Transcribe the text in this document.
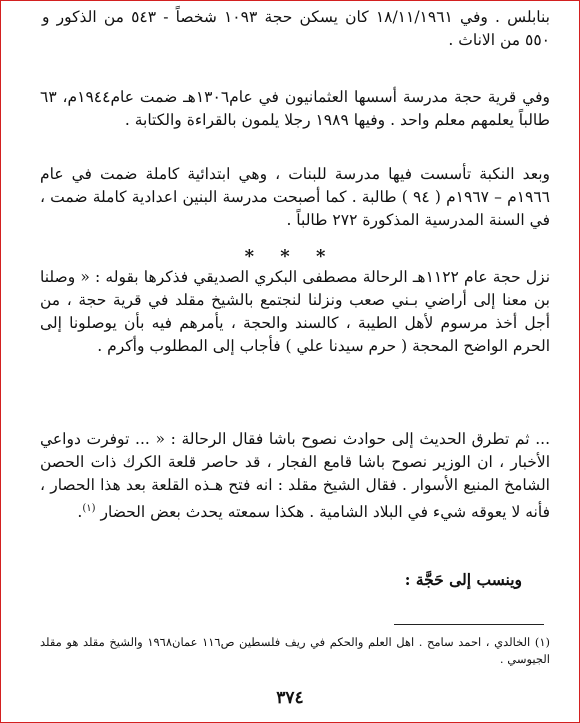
بنابلس . وفي ١٨/١١/١٩٦١ كان يسكن حجة ١٠٩٣ شخصاً - ٥٤٣ من الذكور و ٥٥٠ من الاناث .

وفي قرية حجة مدرسة أسسها العثمانيون في عام١٣٠٦هـ ضمت عام١٩٤٤م، ٦٣ طالباً يعلمهم معلم واحد . وفيها ١٩٨٩ رجلا يلمون بالقراءة والكتابة .

وبعد النكبة تأسست فيها مدرسة للبنات ، وهي ابتدائية كاملة ضمت في عام ١٩٦٦م – ١٩٦٧م ( ٩٤ ) طالبة . كما أصبحت مدرسة البنين اعدادية كاملة ضمت ، في السنة المدرسية المذكورة ٢٧٢ طالباً .

* * *

نزل حجة عام ١١٢٢هـ الرحالة مصطفى البكري الصديقي فذكرها بقوله : « وصلنا بن معنا إلى أراضي بـني صعب ونزلنا لنجتمع بالشيخ مقلد في قرية حجة ، من أجل أخذ مرسوم لأهل الطيبة ، كالسند والحجة ، يأمرهم فيه بأن يوصلونا إلى الحرم الواضح المحجة ( حرم سيدنا علي ) فأجاب إلى المطلوب وأكرم .

... ثم تطرق الحديث إلى حوادث نصوح باشا فقال الرحالة : « ... توفرت دواعي الأخبار ، ان الوزير نصوح باشا قامع الفجار ، قد حاصر قلعة الكرك ذات الحصن الشامخ المنيع الأسوار . فقال الشيخ مقلد : انه فتح هـذه القلعة بعد هذا الحصار ، فأنه لا يعوقه شيء في البلاد الشامية . هكذا سمعته يحدث بعض الحضار $^{(١)}$.

وينسب إلى حَجَّة :

(١) الخالدي ، احمد سامح . اهل العلم والحكم في ريف فلسطين ص١١٦ عمان١٩٦٨ والشيخ مقلد هو مقلد الجيوسي .

٣٧٤
